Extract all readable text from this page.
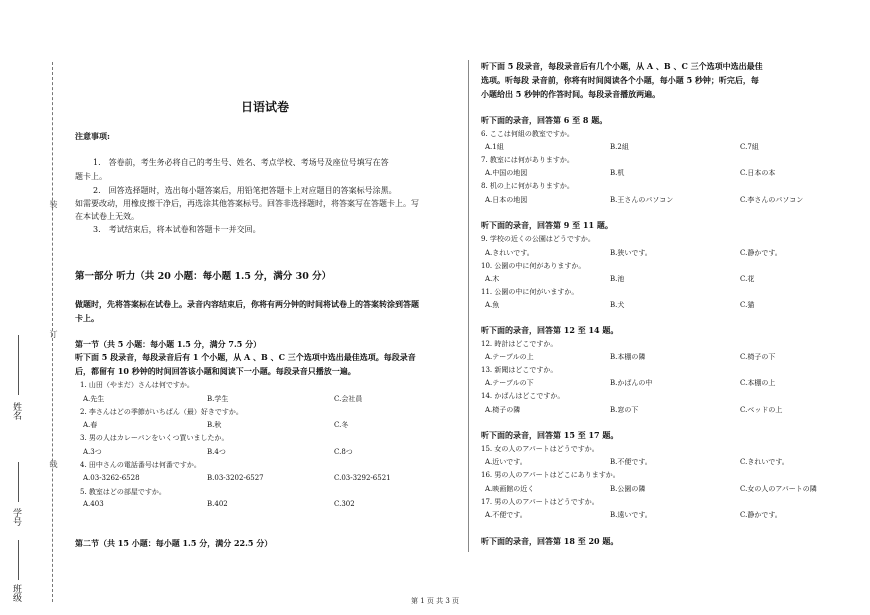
装
订
线
姓名
学号
班级
日语试卷
注意事项:
1.　答卷前，考生务必将自己的考生号、姓名、考点学校、考场号及座位号填写在答
题卡上。
2.　回答选择题时，选出每小题答案后，用铅笔把答题卡上对应题目的答案标号涂黑。
如需要改动，用橡皮擦干净后，再选涂其他答案标号。回答非选择题时，将答案写在答题卡上。写
在本试卷上无效。
3.　考试结束后，将本试卷和答题卡一并交回。
第一部分 听力（共 20 小题：每小题 1.5 分，满分 30 分）
做题时，先将答案标在试卷上。录音内容结束后，你将有两分钟的时间将试卷上的答案转涂到答题
卡上。
第一节（共 5 小题：每小题 1.5 分，满分 7.5 分）
听下面 5 段录音，每段录音后有 1 个小题，从 A 、B 、C 三个选项中选出最佳选项。每段录音
后，都留有 10 秒钟的时间回答该小题和阅读下一小题。每段录音只播放一遍。
1. 山田（やまだ）さんは何ですか。
A.先生	B.学生	C.会社員
2. 李さんはどの季節がいちばん（最）好きですか。
A.春	B.秋	C.冬
3. 男の人はカレーパンをいくつ買いましたか。
A.3つ	B.4つ	C.8つ
4. 田中さんの電話番号は何番ですか。
A.03-3262-6528	B.03-3202-6527	C.03-3292-6521
5. 教室はどの部屋ですか。
A.403	B.402	C.302
第二节（共 15 小题：每小题 1.5 分，满分 22.5 分）
听下面 5 段录音，每段录音后有几个小题，从 A 、B 、C 三个选项中选出最佳
选项。听每段 录音前，你将有时间阅读各个小题，每小题 5 秒钟；听完后，每
小题给出 5 秒钟的作答时间。每段录音播放两遍。
听下面的录音，回答第 6 至 8 题。
6. ここは何組の教室ですか。
A.1組	B.2組	C.7組
7. 教室には何がありますか。
A.中国の地図	B.机	C.日本の本
8. 机の上に何がありますか。
A.日本の地図	B.王さんのパソコン	C.李さんのパソコン
听下面的录音，回答第 9 至 11 题。
9. 学校の近くの公園はどうですか。
A.きれいです。	B.狭いです。	C.静かです。
10. 公園の中に何がありますか。
A.木	B.池	C.花
11. 公園の中に何がいますか。
A.魚	B.犬	C.猫
听下面的录音，回答第 12 至 14 题。
12. 時計はどこですか。
A.テーブルの上	B.本棚の隣	C.椅子の下
13. 新聞はどこですか。
A.テーブルの下	B.かばんの中	C.本棚の上
14. かばんはどこですか。
A.椅子の隣	B.窓の下	C.ベッドの上
听下面的录音，回答第 15 至 17 题。
15. 女の人のアパートはどうですか。
A.近いです。	B.不便です。	C.きれいです。
16. 男の人のアパートはどこにありますか。
A.映画館の近く	B.公園の隣	C.女の人のアパートの隣
17. 男の人のアパートはどうですか。
A.不便です。	B.遠いです。	C.静かです。
听下面的录音，回答第 18 至 20 题。
第 1 页 共 3 页
